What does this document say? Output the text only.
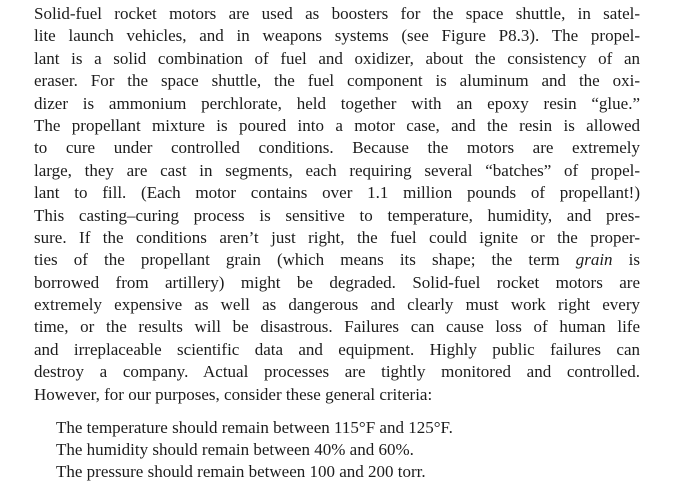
Solid-fuel rocket motors are used as boosters for the space shuttle, in satel-
lite launch vehicles, and in weapons systems (see Figure P8.3). The propel-
lant is a solid combination of fuel and oxidizer, about the consistency of an
eraser. For the space shuttle, the fuel component is aluminum and the oxi-
dizer is ammonium perchlorate, held together with an epoxy resin “glue.”
The propellant mixture is poured into a motor case, and the resin is allowed
to cure under controlled conditions. Because the motors are extremely
large, they are cast in segments, each requiring several “batches” of propel-
lant to fill. (Each motor contains over 1.1 million pounds of propellant!)
This casting–curing process is sensitive to temperature, humidity, and pres-
sure. If the conditions aren’t just right, the fuel could ignite or the proper-
ties of the propellant grain (which means its shape; the term grain is
borrowed from artillery) might be degraded. Solid-fuel rocket motors are
extremely expensive as well as dangerous and clearly must work right every
time, or the results will be disastrous. Failures can cause loss of human life
and irreplaceable scientific data and equipment. Highly public failures can
destroy a company. Actual processes are tightly monitored and controlled.
However, for our purposes, consider these general criteria:
The temperature should remain between 115°F and 125°F.
The humidity should remain between 40% and 60%.
The pressure should remain between 100 and 200 torr.
